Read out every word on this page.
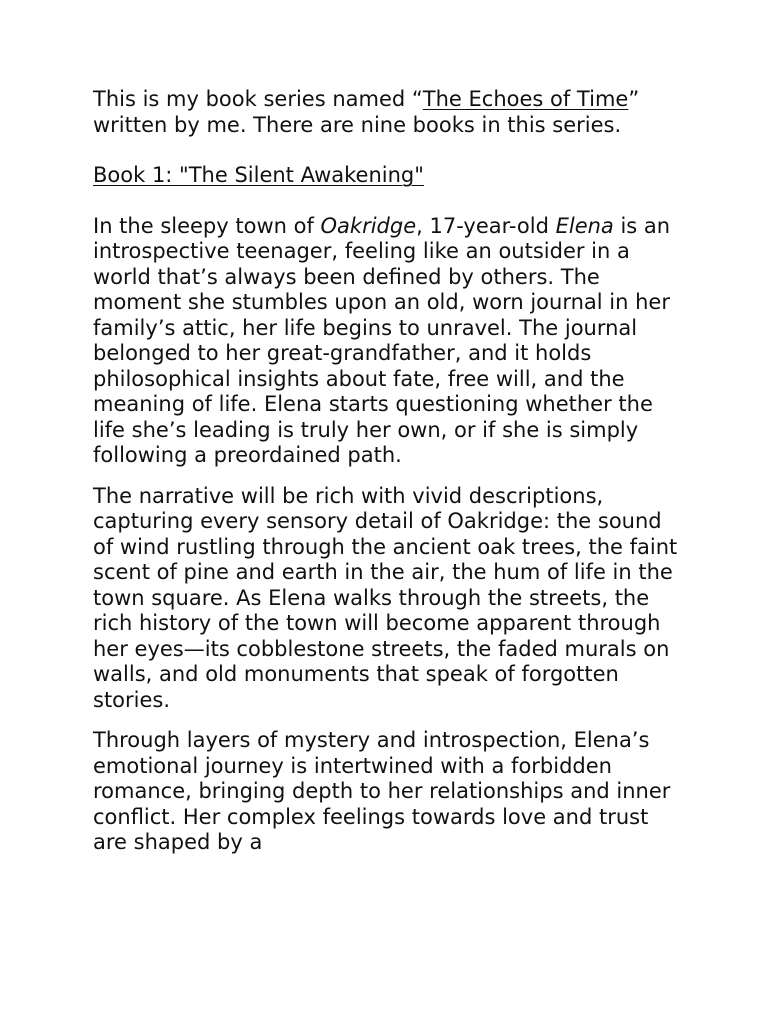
This is my book series named “The Echoes of Time” written by me. There are nine books in this series.

Book 1: "The Silent Awakening"

In the sleepy town of Oakridge, 17-year-old Elena is an introspective teenager, feeling like an outsider in a world that’s always been defined by others. The moment she stumbles upon an old, worn journal in her family’s attic, her life begins to unravel. The journal belonged to her great-grandfather, and it holds philosophical insights about fate, free will, and the meaning of life. Elena starts questioning whether the life she’s leading is truly her own, or if she is simply following a preordained path.

The narrative will be rich with vivid descriptions, capturing every sensory detail of Oakridge: the sound of wind rustling through the ancient oak trees, the faint scent of pine and earth in the air, the hum of life in the town square. As Elena walks through the streets, the rich history of the town will become apparent through her eyes—its cobblestone streets, the faded murals on walls, and old monuments that speak of forgotten stories.

Through layers of mystery and introspection, Elena’s emotional journey is intertwined with a forbidden romance, bringing depth to her relationships and inner conflict. Her complex feelings towards love and trust are shaped by a
